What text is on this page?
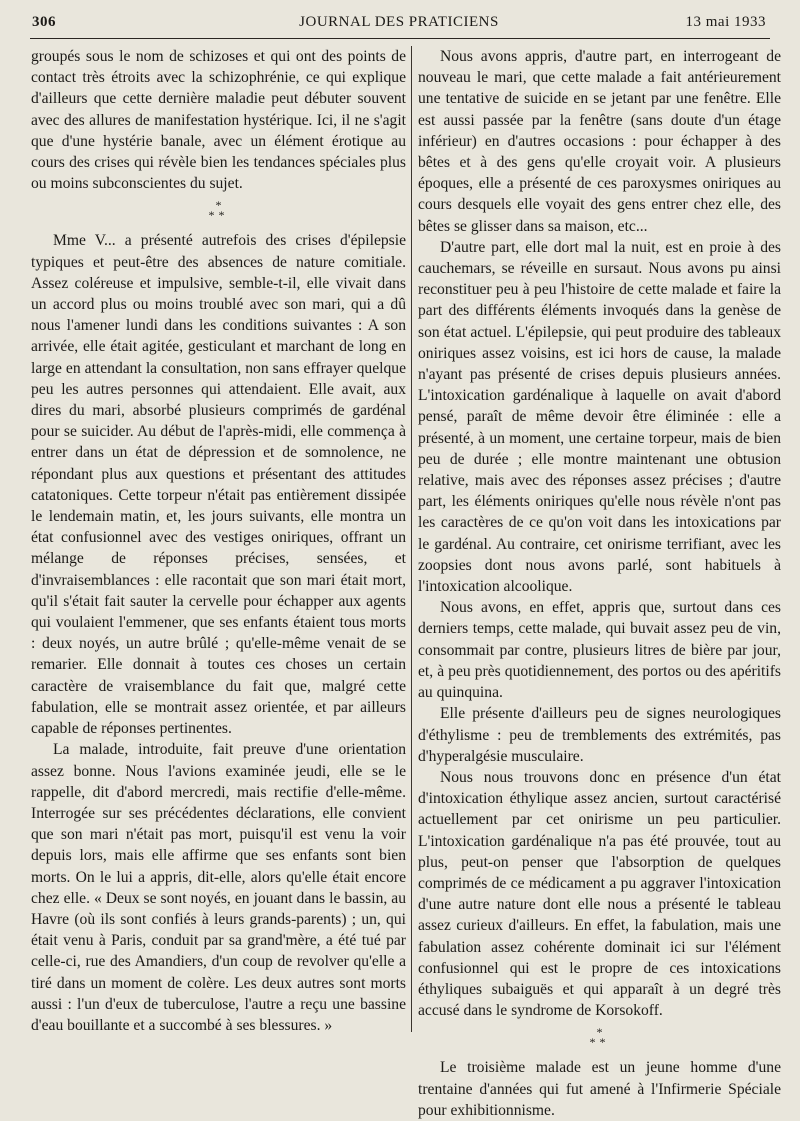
306	JOURNAL DES PRATICIENS	13 mai 1933

groupés sous le nom de schizoses et qui ont des points de contact très étroits avec la schizophrénie, ce qui explique d'ailleurs que cette dernière maladie peut débuter souvent avec des allures de manifestation hystérique. Ici, il ne s'agit que d'une hystérie banale, avec un élément érotique au cours des crises qui révèle bien les tendances spéciales plus ou moins subconscientes du sujet.

*
**

Mme V... a présenté autrefois des crises d'épilepsie typiques et peut-être des absences de nature comitiale. Assez coléreuse et impulsive, semble-t-il, elle vivait dans un accord plus ou moins troublé avec son mari, qui a dû nous l'amener lundi dans les conditions suivantes : A son arrivée, elle était agitée, gesticulant et marchant de long en large en attendant la consultation, non sans effrayer quelque peu les autres personnes qui attendaient. Elle avait, aux dires du mari, absorbé plusieurs comprimés de gardénal pour se suicider. Au début de l'après-midi, elle commença à entrer dans un état de dépression et de somnolence, ne répondant plus aux questions et présentant des attitudes catatoniques. Cette torpeur n'était pas entièrement dissipée le lendemain matin, et, les jours suivants, elle montra un état confusionnel avec des vestiges oniriques, offrant un mélange de réponses précises, sensées, et d'invraisemblances : elle racontait que son mari était mort, qu'il s'était fait sauter la cervelle pour échapper aux agents qui voulaient l'emmener, que ses enfants étaient tous morts : deux noyés, un autre brûlé ; qu'elle-même venait de se remarier. Elle donnait à toutes ces choses un certain caractère de vraisemblance du fait que, malgré cette fabulation, elle se montrait assez orientée, et par ailleurs capable de réponses pertinentes.

La malade, introduite, fait preuve d'une orientation assez bonne. Nous l'avions examinée jeudi, elle se le rappelle, dit d'abord mercredi, mais rectifie d'elle-même. Interrogée sur ses précédentes déclarations, elle convient que son mari n'était pas mort, puisqu'il est venu la voir depuis lors, mais elle affirme que ses enfants sont bien morts. On le lui a appris, dit-elle, alors qu'elle était encore chez elle. « Deux se sont noyés, en jouant dans le bassin, au Havre (où ils sont confiés à leurs grands-parents) ; un, qui était venu à Paris, conduit par sa grand'mère, a été tué par celle-ci, rue des Amandiers, d'un coup de revolver qu'elle a tiré dans un moment de colère. Les deux autres sont morts aussi : l'un d'eux de tuberculose, l'autre a reçu une bassine d'eau bouillante et a succombé à ses blessures. »

Nous avons appris, d'autre part, en interrogeant de nouveau le mari, que cette malade a fait antérieurement une tentative de suicide en se jetant par une fenêtre. Elle est aussi passée par la fenêtre (sans doute d'un étage inférieur) en d'autres occasions : pour échapper à des bêtes et à des gens qu'elle croyait voir. A plusieurs époques, elle a présenté de ces paroxysmes oniriques au cours desquels elle voyait des gens entrer chez elle, des bêtes se glisser dans sa maison, etc...

D'autre part, elle dort mal la nuit, est en proie à des cauchemars, se réveille en sursaut. Nous avons pu ainsi reconstituer peu à peu l'histoire de cette malade et faire la part des différents éléments invoqués dans la genèse de son état actuel. L'épilepsie, qui peut produire des tableaux oniriques assez voisins, est ici hors de cause, la malade n'ayant pas présenté de crises depuis plusieurs années. L'intoxication gardénalique à laquelle on avait d'abord pensé, paraît de même devoir être éliminée : elle a présenté, à un moment, une certaine torpeur, mais de bien peu de durée ; elle montre maintenant une obtusion relative, mais avec des réponses assez précises ; d'autre part, les éléments oniriques qu'elle nous révèle n'ont pas les caractères de ce qu'on voit dans les intoxications par le gardénal. Au contraire, cet onirisme terrifiant, avec les zoopsies dont nous avons parlé, sont habituels à l'intoxication alcoolique.

Nous avons, en effet, appris que, surtout dans ces derniers temps, cette malade, qui buvait assez peu de vin, consommait par contre, plusieurs litres de bière par jour, et, à peu près quotidiennement, des portos ou des apéritifs au quinquina.

Elle présente d'ailleurs peu de signes neurologiques d'éthylisme : peu de tremblements des extrémités, pas d'hyperalgésie musculaire.

Nous nous trouvons donc en présence d'un état d'intoxication éthylique assez ancien, surtout caractérisé actuellement par cet onirisme un peu particulier. L'intoxication gardénalique n'a pas été prouvée, tout au plus, peut-on penser que l'absorption de quelques comprimés de ce médicament a pu aggraver l'intoxication d'une autre nature dont elle nous a présenté le tableau assez curieux d'ailleurs. En effet, la fabulation, mais une fabulation assez cohérente dominait ici sur l'élément confusionnel qui est le propre de ces intoxications éthyliques subaiguës et qui apparaît à un degré très accusé dans le syndrome de Korsokoff.

*
**

Le troisième malade est un jeune homme d'une trentaine d'années qui fut amené à l'Infirmerie Spéciale pour exhibitionnisme.
